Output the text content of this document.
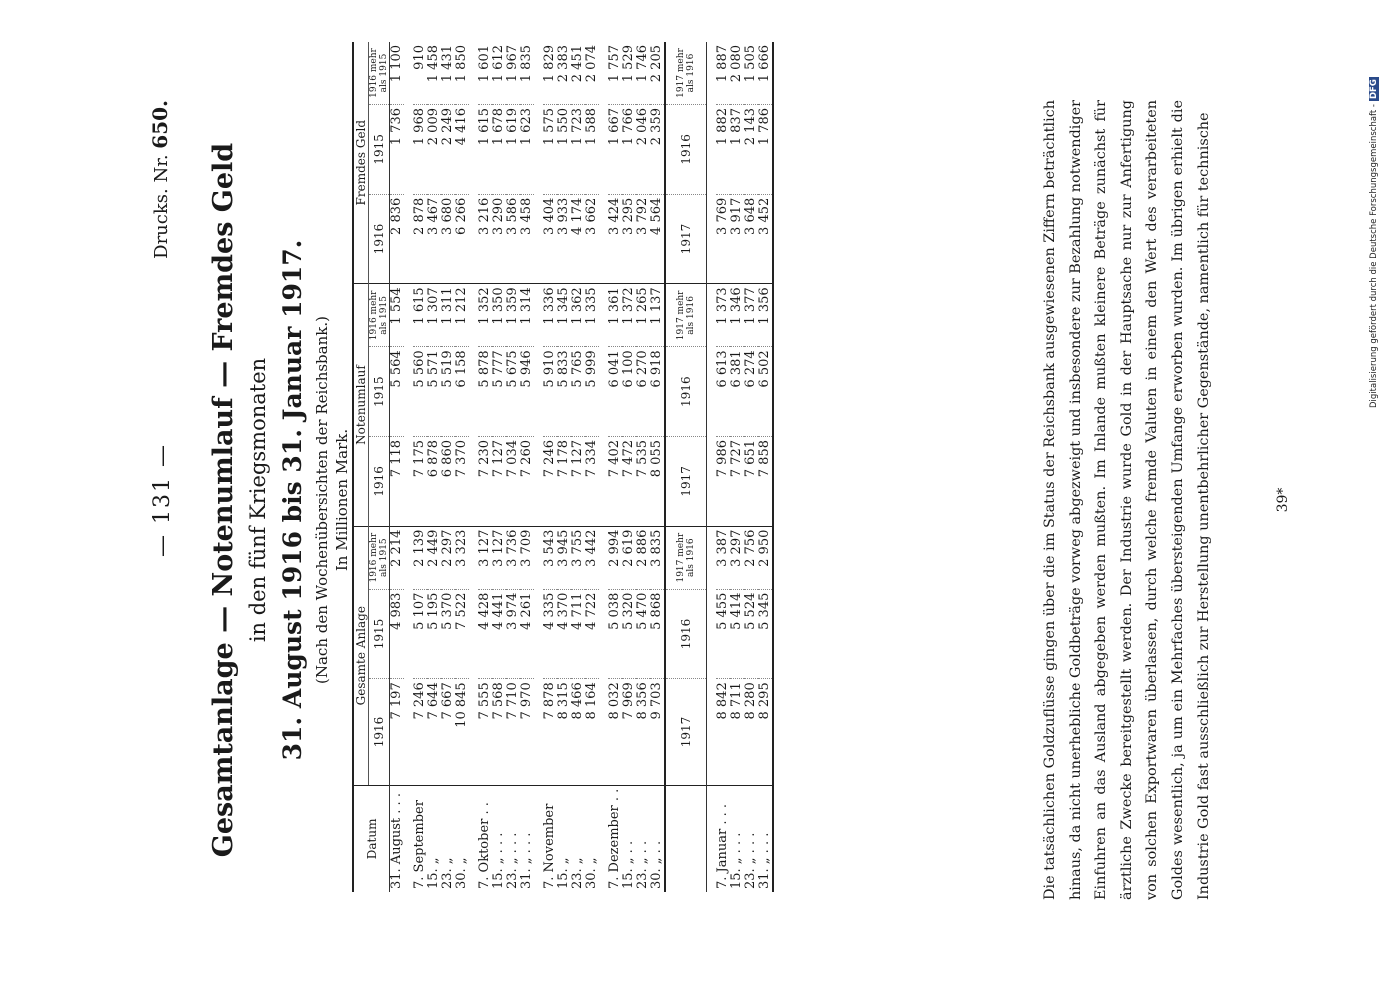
— 131 —
Drucks. Nr. 650.
Gesamtanlage — Notenumlauf — Fremdes Geld in den fünf Kriegsmonaten 31. August 1916 bis 31. Januar 1917. (Nach den Wochenübersichten der Reichsbank.) In Millionen Mark.
Datum	Gesamte Anlage			Notenumlauf			Fremdes Geld		
	1916	1915	1916 mehr als 1915	1916	1915	1916 mehr als 1915	1916	1915	1916 mehr als 1915
31. August . . .	7 197	4 983	2 214	7 118	5 564	1 554	2 836	1 736	1 100

7. September	7 246	5 107	2 139	7 175	5 560	1 615	2 878	1 968	910
15. „	7 644	5 195	2 449	6 878	5 571	1 307	3 467	2 009	1 458
23. „	7 667	5 370	2 297	6 860	5 519	1 311	3 680	2 249	1 431
30. „	10 845	7 522	3 323	7 370	6 158	1 212	6 266	4 416	1 850

7. Oktober . .	7 555	4 428	3 127	7 230	5 878	1 352	3 216	1 615	1 601
15. „ . . .	7 568	4 441	3 127	7 127	5 777	1 350	3 290	1 678	1 612
23. „ . . .	7 710	3 974	3 736	7 034	5 675	1 359	3 586	1 619	1 967
31. „ . . .	7 970	4 261	3 709	7 260	5 946	1 314	3 458	1 623	1 835

7. November	7 878	4 335	3 543	7 246	5 910	1 336	3 404	1 575	1 829
15. „	8 315	4 370	3 945	7 178	5 833	1 345	3 933	1 550	2 383
23. „	8 466	4 711	3 755	7 127	5 765	1 362	4 174	1 723	2 451
30. „	8 164	4 722	3 442	7 334	5 999	1 335	3 662	1 588	2 074

7. Dezember . .	8 032	5 038	2 994	7 402	6 041	1 361	3 424	1 667	1 757
15. „ . .	7 969	5 320	2 619	7 472	6 100	1 372	3 295	1 766	1 529
23. „ . .	8 356	5 470	2 886	7 535	6 270	1 265	3 792	2 046	1 746
30. „ . .	9 703	5 868	3 835	8 055	6 918	1 137	4 564	2 359	2 205
	1917	1916	1917 mehr als 1916	1917	1916	1917 mehr als 1916	1917	1916	1917 mehr als 1916

7. Januar . . .	8 842	5 455	3 387	7 986	6 613	1 373	3 769	1 882	1 887
15. „ . . .	8 711	5 414	3 297	7 727	6 381	1 346	3 917	1 837	2 080
23. „ . . .	8 280	5 524	2 756	7 651	6 274	1 377	3 648	2 143	1 505
31. „ . . .	8 295	5 345	2 950	7 858	6 502	1 356	3 452	1 786	1 666
Die tatsächlichen Goldzuflüsse gingen über die im Status der Reichsbank ausgewiesenen Ziffern beträchtlich hinaus, da nicht unerhebliche Goldbeträge vorweg abgezweigt und insbesondere zur Bezahlung notwendiger Einfuhren an das Ausland abgegeben werden mußten. Im Inlande mußten kleinere Beträge zunächst für ärztliche Zwecke bereitgestellt werden. Der Industrie wurde Gold in der Hauptsache nur zur Anfertigung von solchen Exportwaren überlassen, durch welche fremde Valuten in einem den Wert des verarbeiteten Goldes wesentlich, ja um ein Mehrfaches übersteigenden Umfange erworben wurden. Im übrigen erhielt die Industrie Gold fast ausschließlich zur Herstellung unentbehrlicher Gegenstände, namentlich für technische	39*
Digitalisierung gefördert durch die Deutsche Forschungsgemeinschaft -DFG
